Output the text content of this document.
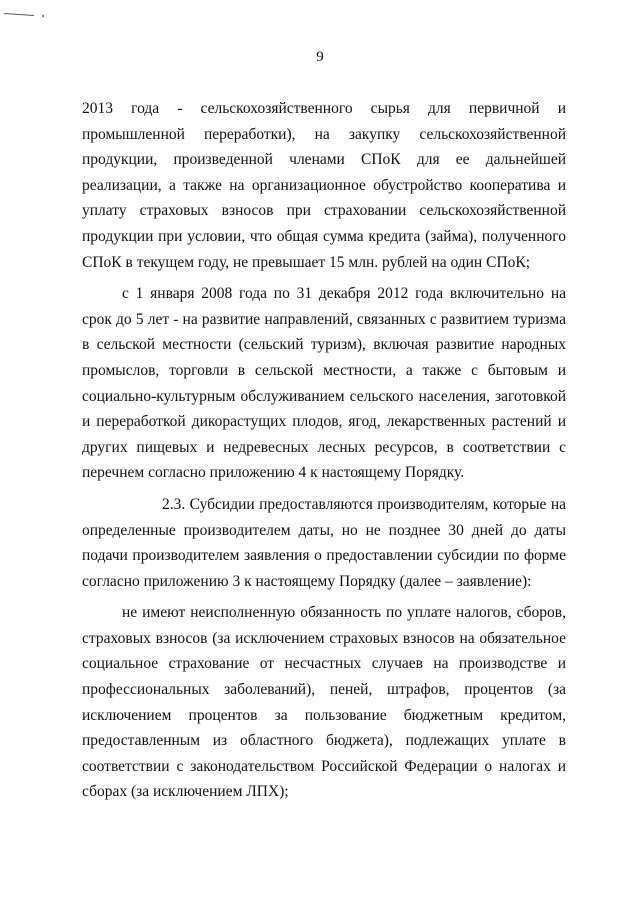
9

2013 года - сельскохозяйственного сырья для первичной и промышленной переработки), на закупку сельскохозяйственной продукции, произведенной членами СПоК для ее дальнейшей реализации, а также на организационное обустройство кооператива и уплату страховых взносов при страховании сельскохозяйственной продукции при условии, что общая сумма кредита (займа), полученного СПоК в текущем году, не превышает 15 млн. рублей на один СПоК;

с 1 января 2008 года по 31 декабря 2012 года включительно на срок до 5 лет - на развитие направлений, связанных с развитием туризма в сельской местности (сельский туризм), включая развитие народных промыслов, торговли в сельской местности, а также с бытовым и социально-культурным обслуживанием сельского населения, заготовкой и переработкой дикорастущих плодов, ягод, лекарственных растений и других пищевых и недревесных лесных ресурсов, в соответствии с перечнем согласно приложению 4 к настоящему Порядку.

2.3. Субсидии предоставляются производителям, которые на определенные производителем даты, но не позднее 30 дней до даты подачи производителем заявления о предоставлении субсидии по форме согласно приложению 3 к настоящему Порядку (далее – заявление):

не имеют неисполненную обязанность по уплате налогов, сборов, страховых взносов (за исключением страховых взносов на обязательное социальное страхование от несчастных случаев на производстве и профессиональных заболеваний), пеней, штрафов, процентов (за исключением процентов за пользование бюджетным кредитом, предоставленным из областного бюджета), подлежащих уплате в соответствии с законодательством Российской Федерации о налогах и сборах (за исключением ЛПХ);
